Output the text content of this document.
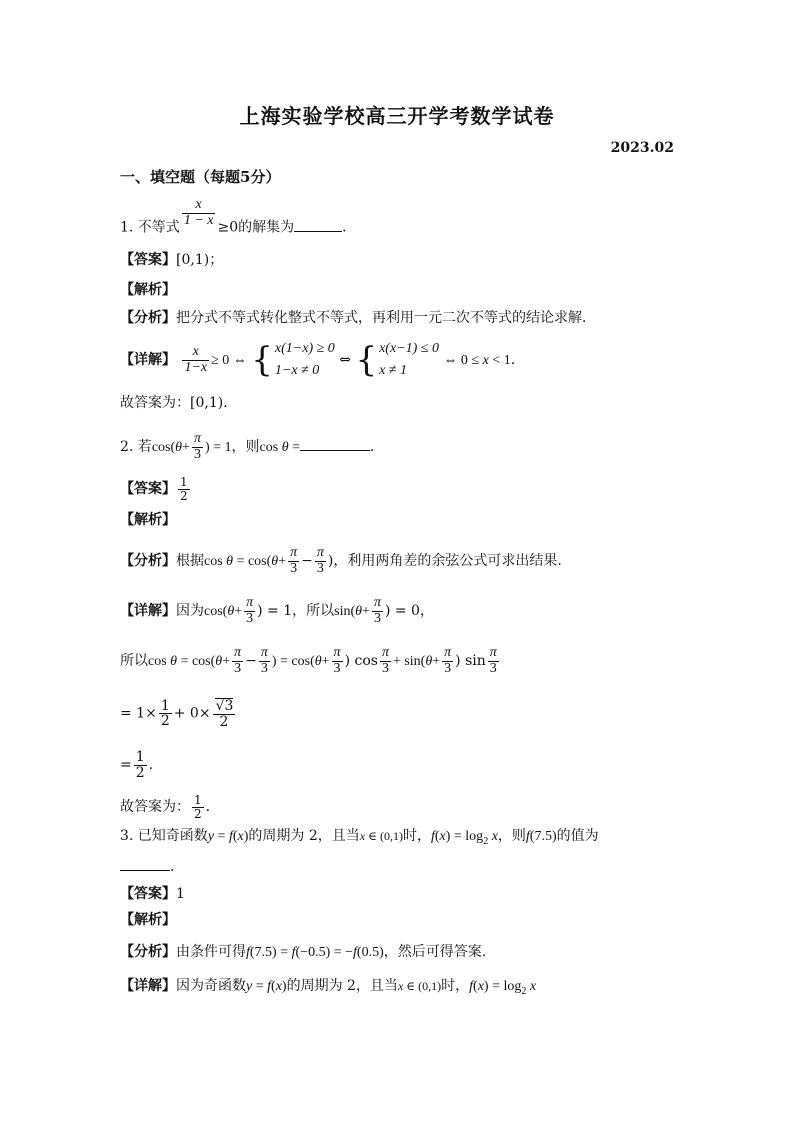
上海实验学校高三开学考数学试卷
2023.02
一、填空题（每题5分）
1. 不等式 $\frac{x}{1 - x} \ge 0$的解集为	．
【答案】[0,1)；
【解析】
【分析】把分式不等式转化整式不等式，再利用一元二次不等式的结论求解．
【详解】 $\frac{x}{1-x} \ge 0$ ⇔ { x(1−x) ≥ 0
1−x ≠ 0
⇔ { x(x−1) ≤ 0
x ≠ 1
⇔ 0 ≤ x < 1．
故答案为：[0,1)．
2. 若$\cos(\theta+ \frac{\pi}{3}$ ) = 1，则cos θ =	．
【答案】 $\frac{1}{2}$
【解析】
【分析】根据$\cos \theta = \cos(\theta+ \frac{\pi}{3} - \frac{\pi}{3}$ )，利用两角差的余弦公式可求出结果.
【详解】因为$\cos(\theta+ \frac{\pi}{3}$ ) = 1，所以$\sin(\theta+ \frac{\pi}{3}$ ) = 0，
所以$\cos \theta = \cos(\theta+ \frac{\pi}{3} - \frac{\pi}{3}$ ) = $\cos(\theta+ \frac{\pi}{3}$ ) $\cos \frac{\pi}{3} + \sin(\theta+ \frac{\pi}{3}$ ) $\sin \frac{\pi}{3}$
= $1\times \frac{1}{2} + 0\times \frac{√3}{2}$
= $\frac{1}{2}$ .
故答案为： $\frac{1}{2}$ ．
3. 已知奇函数y = f(x)的周期为 2，且当x ∈ (0,1)时，$f(x) = \log_2 x$，则f(7.5)的值为
．
【答案】1
【解析】
【分析】由条件可得f(7.5) = f(−0.5) = −f(0.5)，然后可得答案.
【详解】因为奇函数y = f(x)的周期为 2，且当x ∈ (0,1)时，$f(x) = \log_2 x$
